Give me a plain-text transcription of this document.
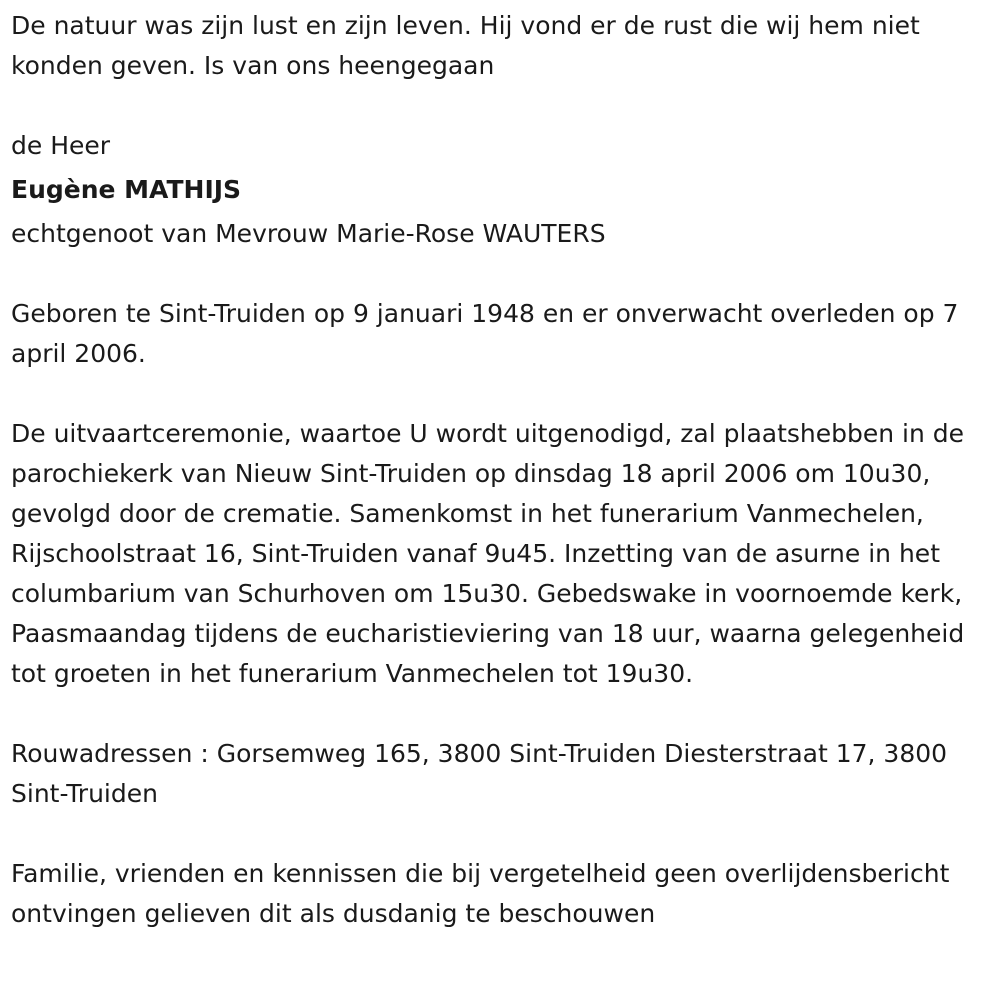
De natuur was zijn lust en zijn leven. Hij vond er de rust die wij hem niet konden geven. Is van ons heengegaan

de Heer

Eugène MATHIJS

echtgenoot van Mevrouw Marie-Rose WAUTERS

Geboren te Sint-Truiden op 9 januari 1948 en er onverwacht overleden op 7 april 2006.

De uitvaartceremonie, waartoe U wordt uitgenodigd, zal plaatshebben in de parochiekerk van Nieuw Sint-Truiden op dinsdag 18 april 2006 om 10u30, gevolgd door de crematie. Samenkomst in het funerarium Vanmechelen, Rijschoolstraat 16, Sint-Truiden vanaf 9u45. Inzetting van de asurne in het columbarium van Schurhoven om 15u30. Gebedswake in voornoemde kerk, Paasmaandag tijdens de eucharistieviering van 18 uur, waarna gelegenheid tot groeten in het funerarium Vanmechelen tot 19u30.

Rouwadressen : Gorsemweg 165, 3800 Sint-Truiden Diesterstraat 17, 3800 Sint-Truiden

Familie, vrienden en kennissen die bij vergetelheid geen overlijdensbericht ontvingen gelieven dit als dusdanig te beschouwen
